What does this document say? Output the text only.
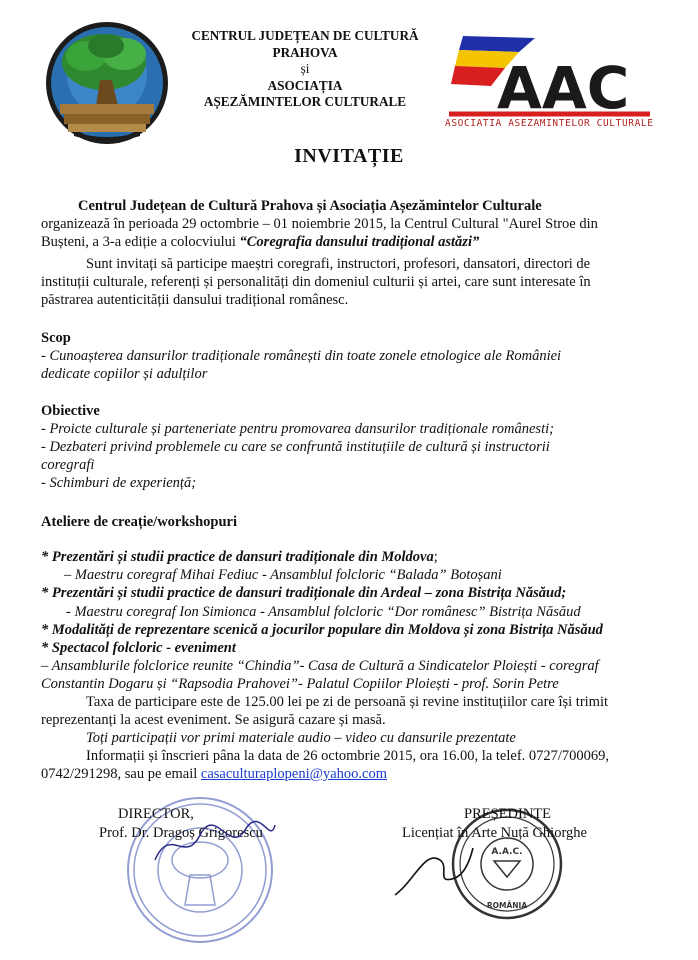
CENTRUL JUDEȚEAN DE CULTURĂ
PRAHOVA
și
ASOCIAȚIA
AȘEZĂMINTELOR CULTURALE	AAC
ASOCIATIA ASEZAMINTELOR CULTURALE
INVITAȚIE
Centrul Județean de Cultură Prahova și Asociația Așezămintelor Culturale
organizează în perioada 29 octombrie – 01 noiembrie 2015, la Centrul Cultural "Aurel Stroe din
Bușteni, a 3-a ediție a colocviului “Coregrafia dansului tradițional astăzi”
Sunt invitați să participe maeștri coregrafi, instructori, profesori, dansatori, directori de
instituții culturale, referenți și personalități din domeniul culturii și artei, care sunt interesate în
păstrarea autenticității dansului tradițional românesc.
Scop
- Cunoașterea dansurilor tradiționale românești din toate zonele etnologice ale României
dedicate copiilor și adulților
Obiective
- Proicte culturale și parteneriate pentru promovarea dansurilor tradiționale românesti;
- Dezbateri privind problemele cu care se confruntă instituțiile de cultură și instructorii
coregrafi
- Schimburi de experiență;
Ateliere de creație/workshopuri
* Prezentări și studii practice de dansuri tradiționale din Moldova;
– Maestru coregraf Mihai Fediuc - Ansamblul folcloric “Balada” Botoșani
* Prezentări și studii practice de dansuri tradiționale din Ardeal – zona Bistrița Năsăud;
- Maestru coregraf Ion Simionca - Ansamblul folcloric “Dor românesc” Bistrița Năsăud
* Modalități de reprezentare scenică a jocurilor populare din Moldova și zona Bistrița Năsăud
* Spectacol folcloric - eveniment
– Ansamblurile folclorice reunite “Chindia”- Casa de Cultură a Sindicatelor Ploiești - coregraf
Constantin Dogaru și “Rapsodia Prahovei”- Palatul Copiilor Ploiești - prof. Sorin Petre
Taxa de participare este de 125.00 lei pe zi de persoană și revine instituțiilor care își trimit
reprezentanți la acest eveniment. Se asigură cazare și masă.
Toți participații vor primi materiale audio – video cu dansurile prezentate
Informații și înscrieri pâna la data de 26 octombrie 2015, ora 16.00, la telef. 0727/700069,
0742/291298, sau pe email casaculturaplopeni@yahoo.com
A.A.C.
ROMÂNIA
DIRECTOR,
Prof. Dr. Dragoș Grigorescu
PREȘEDINTE
Licențiat în Arte Nuță Ghiorghe
